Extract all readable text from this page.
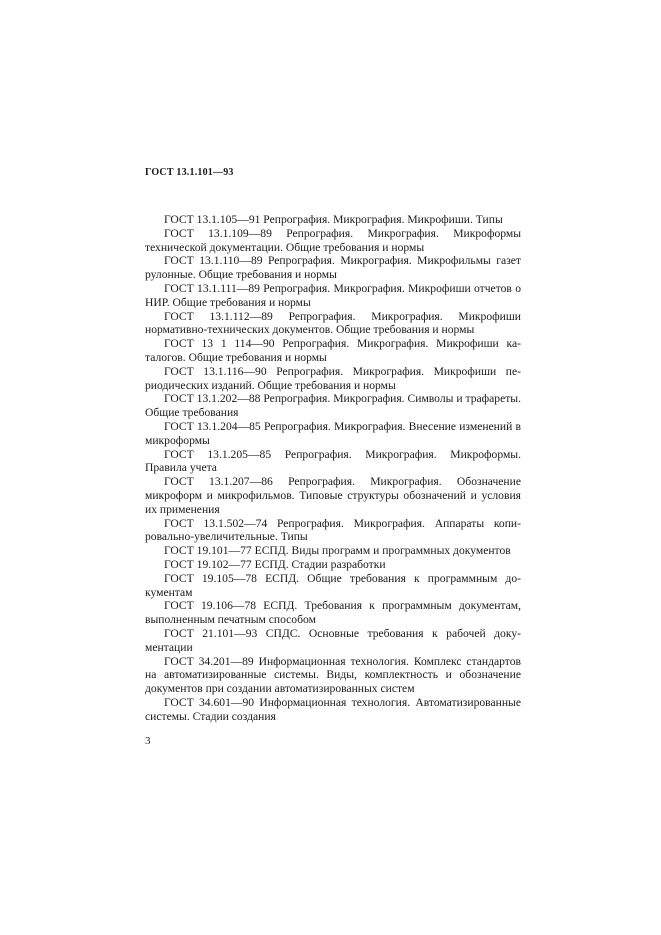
ГОСТ 13.1.101—93

ГОСТ 13.1.105—91 Репрография. Микрография. Микрофиши. Типы

ГОСТ 13.1.109—89 Репрография. Микрография. Микроформы технической документации. Общие требования и нормы

ГОСТ 13.1.110—89 Репрография. Микрография. Микрофильмы газет рулонные. Общие требования и нормы

ГОСТ 13.1.111—89 Репрография. Микрография. Микрофиши отчетов о НИР. Общие требования и нормы

ГОСТ 13.1.112—89 Репрография. Микрография. Микрофиши нормативно-технических документов. Общие требования и нормы

ГОСТ 13 1 114—90 Репрография. Микрография. Микрофиши каталогов. Общие требования и нормы

ГОСТ 13.1.116—90 Репрография. Микрография. Микрофиши периодических изданий. Общие требования и нормы

ГОСТ 13.1.202—88 Репрография. Микрография. Символы и трафареты. Общие требования

ГОСТ 13.1.204—85 Репрография. Микрография. Внесение изменений в микроформы

ГОСТ 13.1.205—85 Репрография. Микрография. Микроформы. Правила учета

ГОСТ 13.1.207—86 Репрография. Микрография. Обозначение микроформ и микрофильмов. Типовые структуры обозначений и условия их применения

ГОСТ 13.1.502—74 Репрография. Микрография. Аппараты копировально-увеличительные. Типы

ГОСТ 19.101—77 ЕСПД. Виды программ и программных документов

ГОСТ 19.102—77 ЕСПД. Стадии разработки

ГОСТ 19.105—78 ЕСПД. Общие требования к программным документам

ГОСТ 19.106—78 ЕСПД. Требования к программным документам, выполненным печатным способом

ГОСТ 21.101—93 СПДС. Основные требования к рабочей документации

ГОСТ 34.201—89 Информационная технология. Комплекс стандартов на автоматизированные системы. Виды, комплектность и обозначение документов при создании автоматизированных систем

ГОСТ 34.601—90 Информационная технология. Автоматизированные системы. Стадии создания

3
